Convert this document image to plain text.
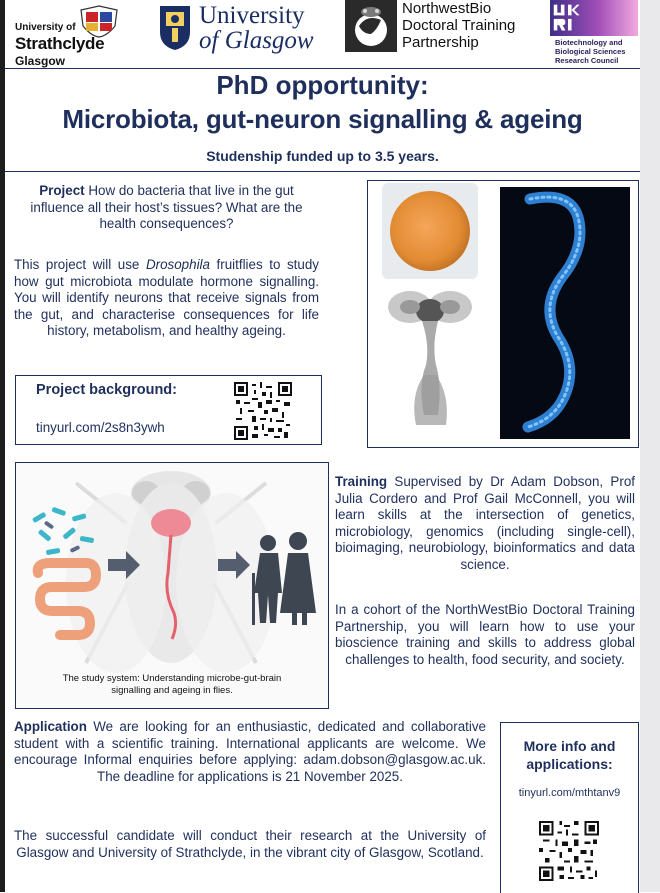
University of
Strathclyde
Glasgow
University
of Glasgow
NorthwestBio
Doctoral Training
Partnership	Biotechnology and
Biological Sciences
Research Council
PhD opportunity:
Microbiota, gut-neuron signalling & ageing
Studenship funded up to 3.5 years.
Project How do bacteria that live in the gut influence all their host’s tissues? What are the health consequences?
This project will use Drosophila fruitflies to study how gut microbiota modulate hormone signalling. You will identify neurons that receive signals from the gut, and characterise consequences for life history, metabolism, and healthy ageing.
Project background:
tinyurl.com/2s8n3ywh
The study system: Understanding microbe-gut-brain
signalling and ageing in flies.
Training Supervised by Dr Adam Dobson, Prof Julia Cordero and Prof Gail McConnell, you will learn skills at the intersection of genetics, microbiology, genomics (including single-cell), bioimaging, neurobiology, bioinformatics and data science.
In a cohort of the NorthWestBio Doctoral Training Partnership, you will learn how to use your bioscience training and skills to address global challenges to health, food security, and society.
Application We are looking for an enthusiastic, dedicated and collaborative student with a scientific training. International applicants are welcome. We encourage Informal enquiries before applying: adam.dobson@glasgow.ac.uk. The deadline for applications is 21 November 2025.
The successful candidate will conduct their research at the University of Glasgow and University of Strathclyde, in the vibrant city of Glasgow, Scotland.
More info and
applications:
tinyurl.com/mthtanv9
